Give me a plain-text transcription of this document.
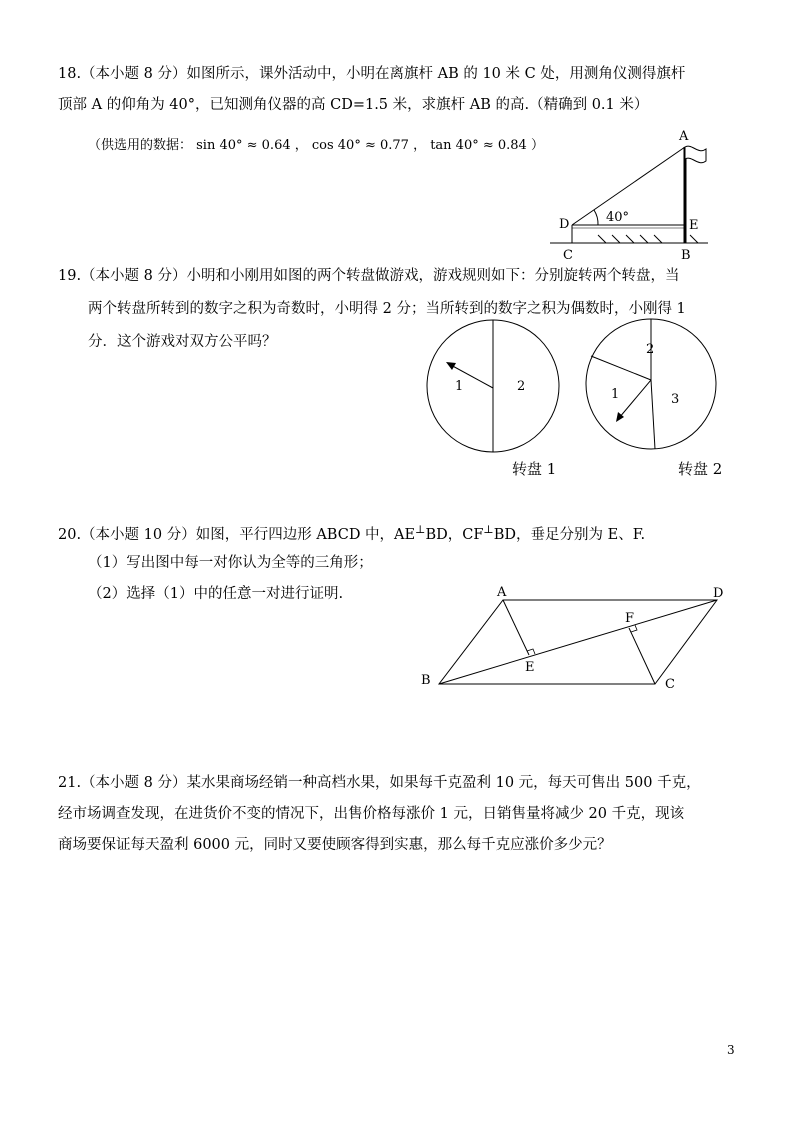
18.（本小题 8 分）如图所示，课外活动中，小明在离旗杆 AB 的 10 米 C 处，用测角仪测得旗杆
顶部 A 的仰角为 40°，已知测角仪器的高 CD=1.5 米，求旗杆 AB 的高.（精确到 0.1 米）
（供选用的数据： sin 40° ≈ 0.64 ， cos 40° ≈ 0.77 ， tan 40° ≈ 0.84 ）
40°
A
D	E
C	B
19.（本小题 8 分）小明和小刚用如图的两个转盘做游戏，游戏规则如下：分别旋转两个转盘，当
两个转盘所转到的数字之积为奇数时，小明得 2 分；当所转到的数字之积为偶数时，小刚得 1
分．这个游戏对双方公平吗？
1	2
转盘 1
2
1	3
转盘 2
20.（本小题 10 分）如图，平行四边形 ABCD 中，AE⊥BD，CF⊥BD，垂足分别为 E、F.
（1）写出图中每一对你认为全等的三角形；
（2）选择（1）中的任意一对进行证明.	A	D
B	C
E
F
21.（本小题 8 分）某水果商场经销一种高档水果，如果每千克盈利 10 元，每天可售出 500 千克，
经市场调查发现，在进货价不变的情况下，出售价格每涨价 1 元，日销售量将减少 20 千克，现该
商场要保证每天盈利 6000 元，同时又要使顾客得到实惠，那么每千克应涨价多少元？
3
